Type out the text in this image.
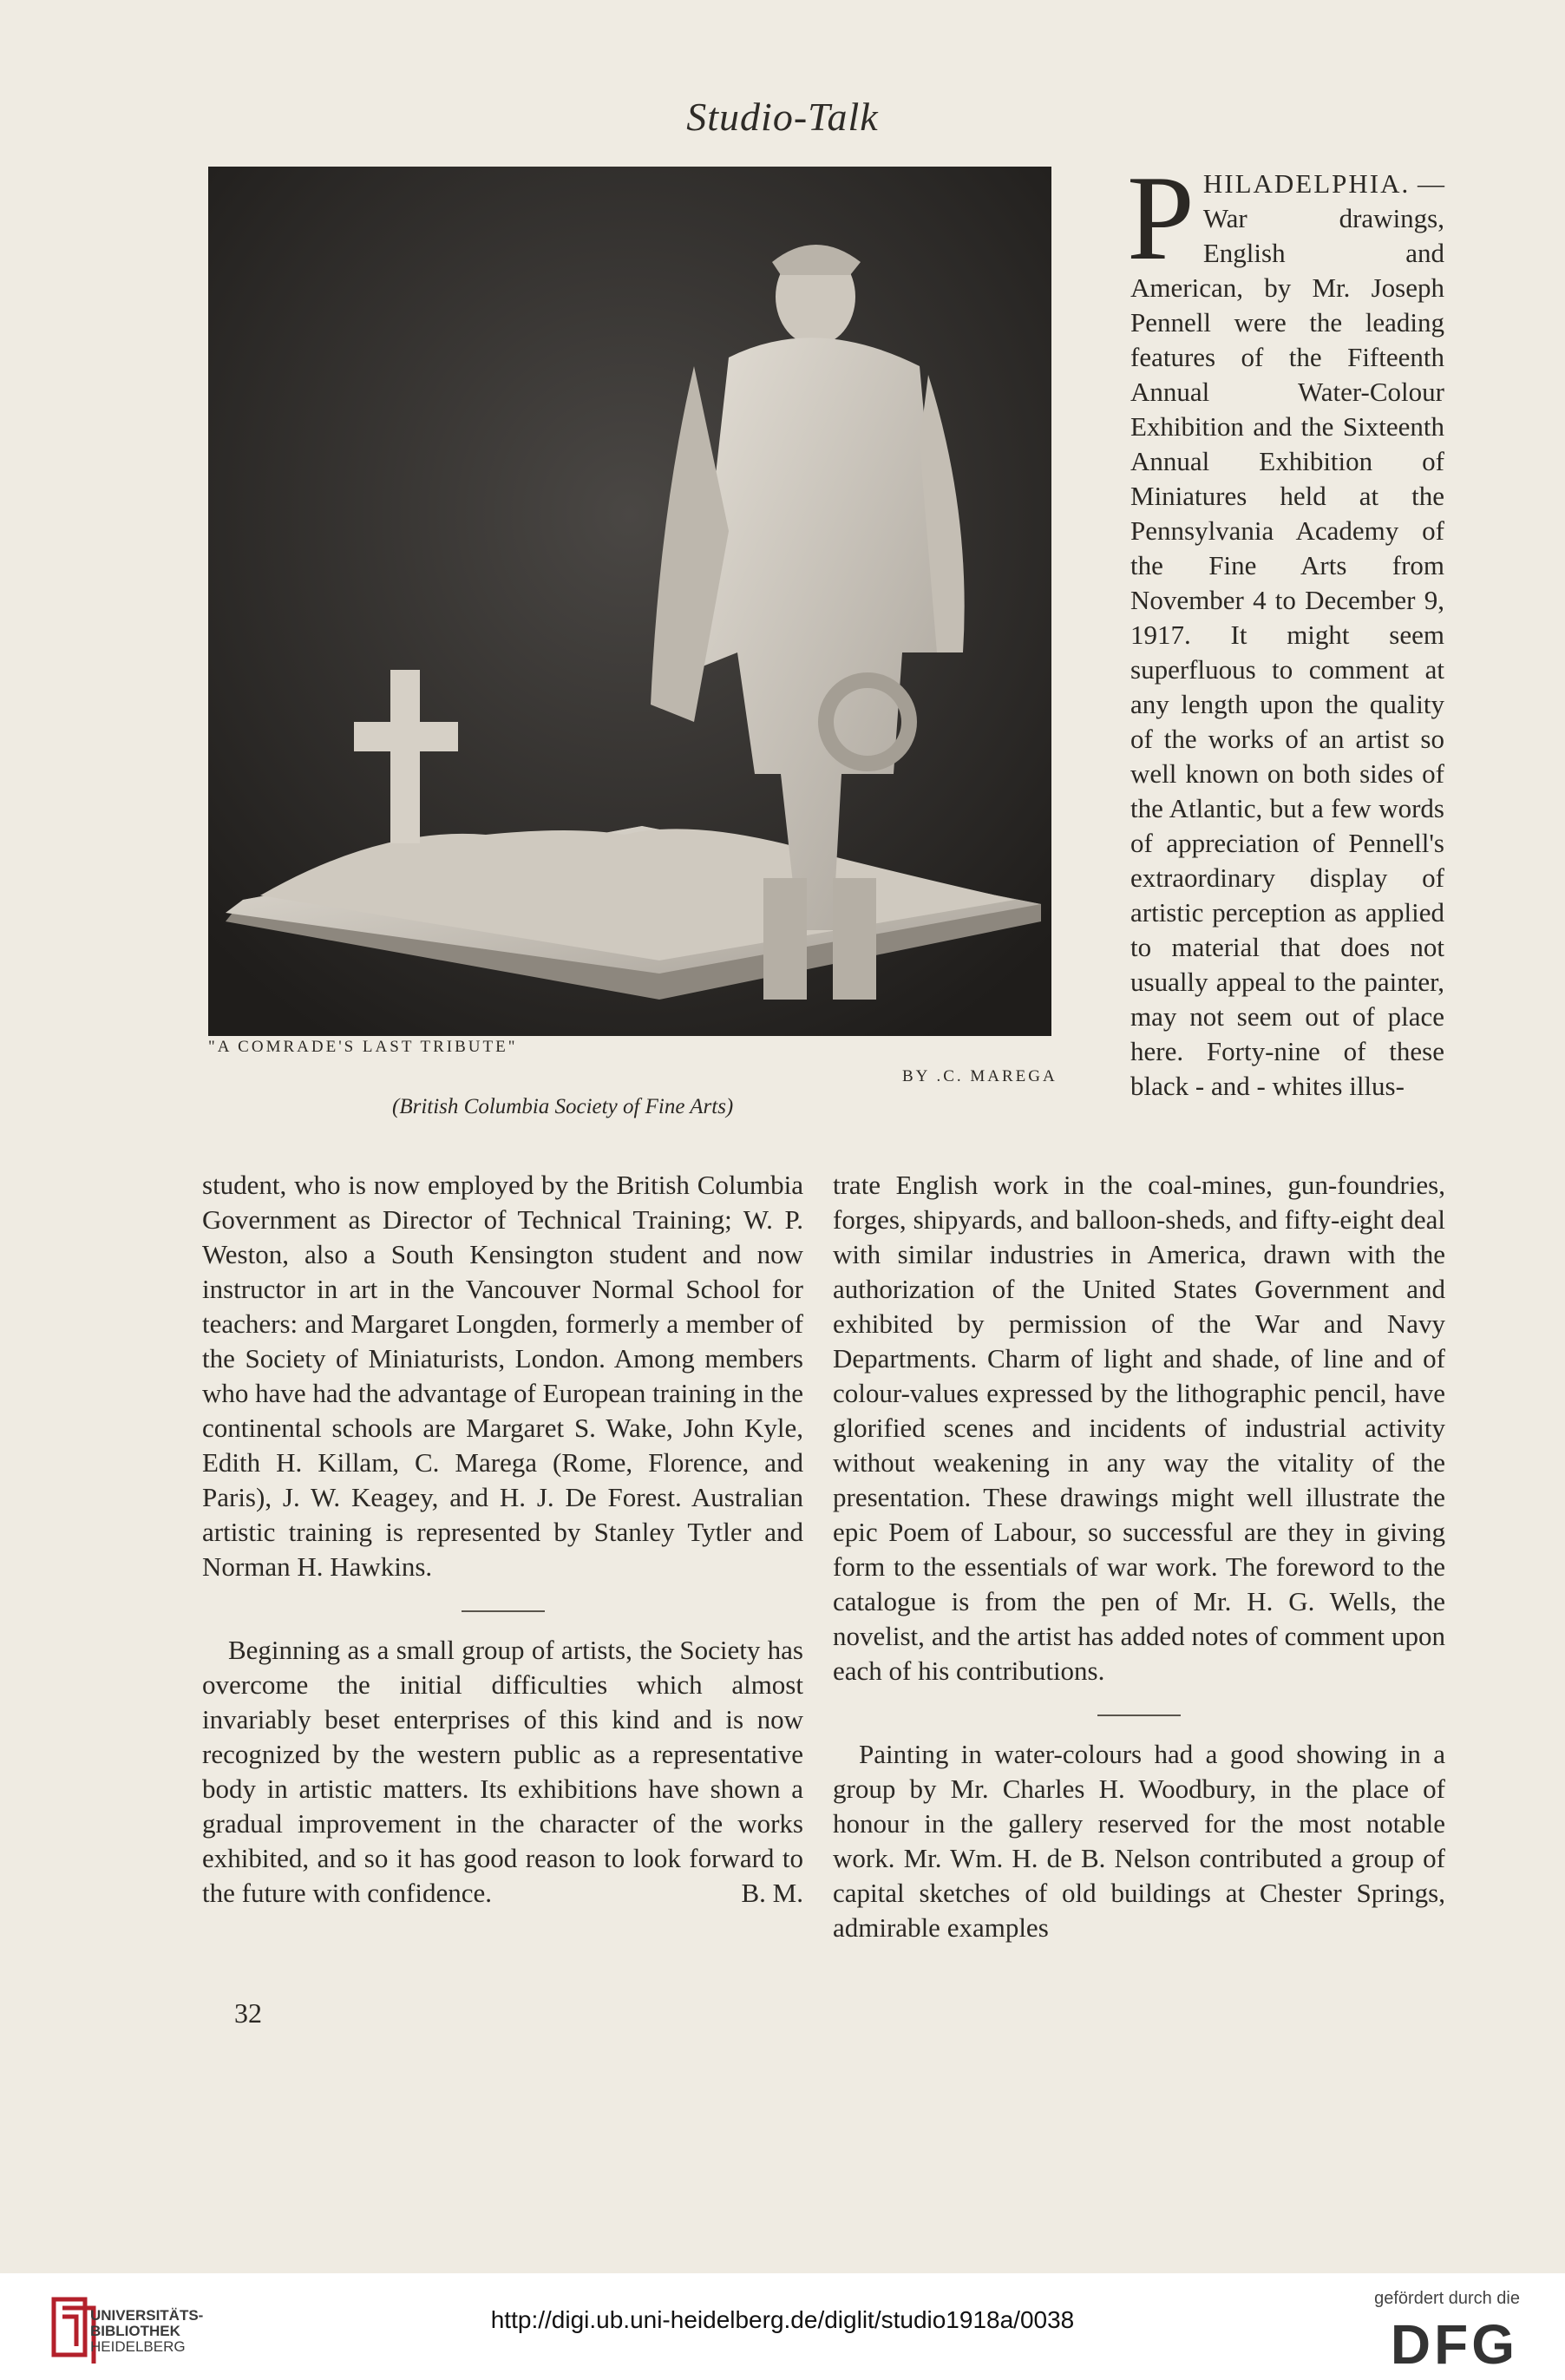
Studio-Talk
"A COMRADE'S LAST TRIBUTE"
BY .C. MAREGA
(British Columbia Society of Fine Arts)
P HILADELPHIA. —War drawings, English and American, by Mr. Joseph Pennell were the leading features of the Fifteenth Annual Water-Colour Exhibition and the Sixteenth Annual Exhibition of Miniatures held at the Pennsylvania Academy of the Fine Arts from November 4 to December 9, 1917. It might seem superfluous to comment at any length upon the quality of the works of an artist so well known on both sides of the Atlantic, but a few words of appreciation of Pennell's extraordinary display of artistic perception as applied to material that does not usually appeal to the painter, may not seem out of place here. Forty-nine of these black - and - whites illus-

student, who is now employed by the British Columbia Government as Director of Technical Training; W. P. Weston, also a South Kensington student and now instructor in art in the Vancouver Normal School for teachers: and Margaret Longden, formerly a member of the Society of Miniaturists, London. Among members who have had the advantage of European training in the continental schools are Margaret S. Wake, John Kyle, Edith H. Killam, C. Marega (Rome, Florence, and Paris), J. W. Keagey, and H. J. De Forest. Australian artistic training is represented by Stanley Tytler and Norman H. Hawkins.

Beginning as a small group of artists, the Society has overcome the initial difficulties which almost invariably beset enterprises of this kind and is now recognized by the western public as a representative body in artistic matters. Its exhibitions have shown a gradual improvement in the character of the works exhibited, and so it has good reason to look forward to the future with confidence.	B. M.

trate English work in the coal-mines, gun-foundries, forges, shipyards, and balloon-sheds, and fifty-eight deal with similar industries in America, drawn with the authorization of the United States Government and exhibited by permission of the War and Navy Departments. Charm of light and shade, of line and of colour-values expressed by the lithographic pencil, have glorified scenes and incidents of industrial activity without weakening in any way the vitality of the presentation. These drawings might well illustrate the epic Poem of Labour, so successful are they in giving form to the essentials of war work. The foreword to the catalogue is from the pen of Mr. H. G. Wells, the novelist, and the artist has added notes of comment upon each of his contributions.

Painting in water-colours had a good showing in a group by Mr. Charles H. Woodbury, in the place of honour in the gallery reserved for the most notable work. Mr. Wm. H. de B. Nelson contributed a group of capital sketches of old buildings at Chester Springs, admirable examples

32
UNIVERSITÄTS-
BIBLIOTHEK
HEIDELBERG
http://digi.ub.uni-heidelberg.de/diglit/studio1918a/0038
gefördert durch die
DFG
